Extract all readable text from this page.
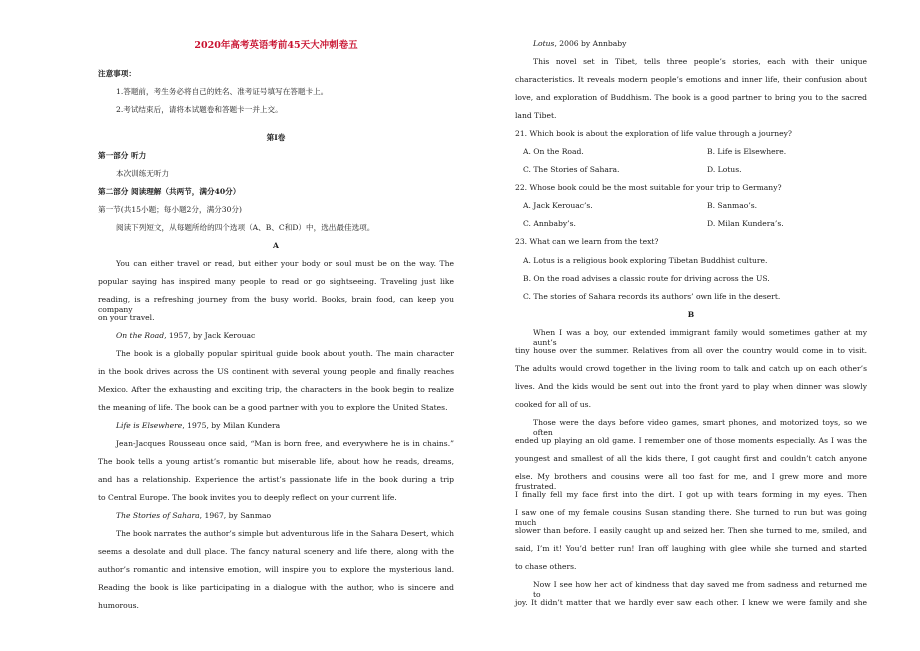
2020年高考英语考前45天大冲刺卷五
注意事项：
1.答题前，考生务必将自己的姓名、准考证号填写在答题卡上。
2.考试结束后，请将本试题卷和答题卡一并上交。
第Ⅰ卷
第一部分 听力
本次训练无听力
第二部分 阅读理解（共两节，满分40分）
第一节(共15小题；每小题2分，满分30分)
阅读下列短文，从每题所给的四个选项（A、B、C和D）中，选出最佳选项。
A
You can either travel or read, but either your body or soul must be on the way. The
popular saying has inspired many people to read or go sightseeing. Traveling just like
reading, is a refreshing journey from the busy world. Books, brain food, can keep you company
on your travel.
On the Road, 1957, by Jack Kerouac
The book is a globally popular spiritual guide book about youth. The main character
in the book drives across the US continent with several young people and finally reaches
Mexico. After the exhausting and exciting trip, the characters in the book begin to realize
the meaning of life. The book can be a good partner with you to explore the United States.
Life is Elsewhere, 1975, by Milan Kundera
Jean-Jacques Rousseau once said, “Man is born free, and everywhere he is in chains.”
The book tells a young artist’s romantic but miserable life, about how he reads, dreams,
and has a relationship. Experience the artist’s passionate life in the book during a trip
to Central Europe. The book invites you to deeply reflect on your current life.
The Stories of Sahara, 1967, by Sanmao
The book narrates the author’s simple but adventurous life in the Sahara Desert, which
seems a desolate and dull place. The fancy natural scenery and life there, along with the
author’s romantic and intensive emotion, will inspire you to explore the mysterious land.
Reading the book is like participating in a dialogue with the author, who is sincere and
humorous.
Lotus, 2006 by Annbaby
This novel set in Tibet, tells three people’s stories, each with their unique
characteristics. It reveals modern people’s emotions and inner life, their confusion about
love, and exploration of Buddhism. The book is a good partner to bring you to the sacred
land Tibet.
21. Which book is about the exploration of life value through a journey?
A. On the Road.	B. Life is Elsewhere.
C. The Stories of Sahara.	D. Lotus.
22. Whose book could be the most suitable for your trip to Germany?
A. Jack Kerouac’s.	B. Sanmao’s.
C. Annbaby’s.	D. Milan Kundera’s.
23. What can we learn from the text?
A. Lotus is a religious book exploring Tibetan Buddhist culture.
B. On the road advises a classic route for driving across the US.
C. The stories of Sahara records its authors’ own life in the desert.
B
When I was a boy, our extended immigrant family would sometimes gather at my aunt’s
tiny house over the summer. Relatives from all over the country would come in to visit.
The adults would crowd together in the living room to talk and catch up on each other’s
lives. And the kids would be sent out into the front yard to play when dinner was slowly
cooked for all of us.
Those were the days before video games, smart phones, and motorized toys, so we often
ended up playing an old game. I remember one of those moments especially. As I was the
youngest and smallest of all the kids there, I got caught first and couldn’t catch anyone
else. My brothers and cousins were all too fast for me, and I grew more and more frustrated.
I finally fell my face first into the dirt. I got up with tears forming in my eyes. Then
I saw one of my female cousins Susan standing there. She turned to run but was going much
slower than before. I easily caught up and seized her. Then she turned to me, smiled, and
said, I’m it! You’d better run! Iran off laughing with glee while she turned and started
to chase others.
Now I see how her act of kindness that day saved me from sadness and returned me to
joy. It didn’t matter that we hardly ever saw each other. I knew we were family and she
